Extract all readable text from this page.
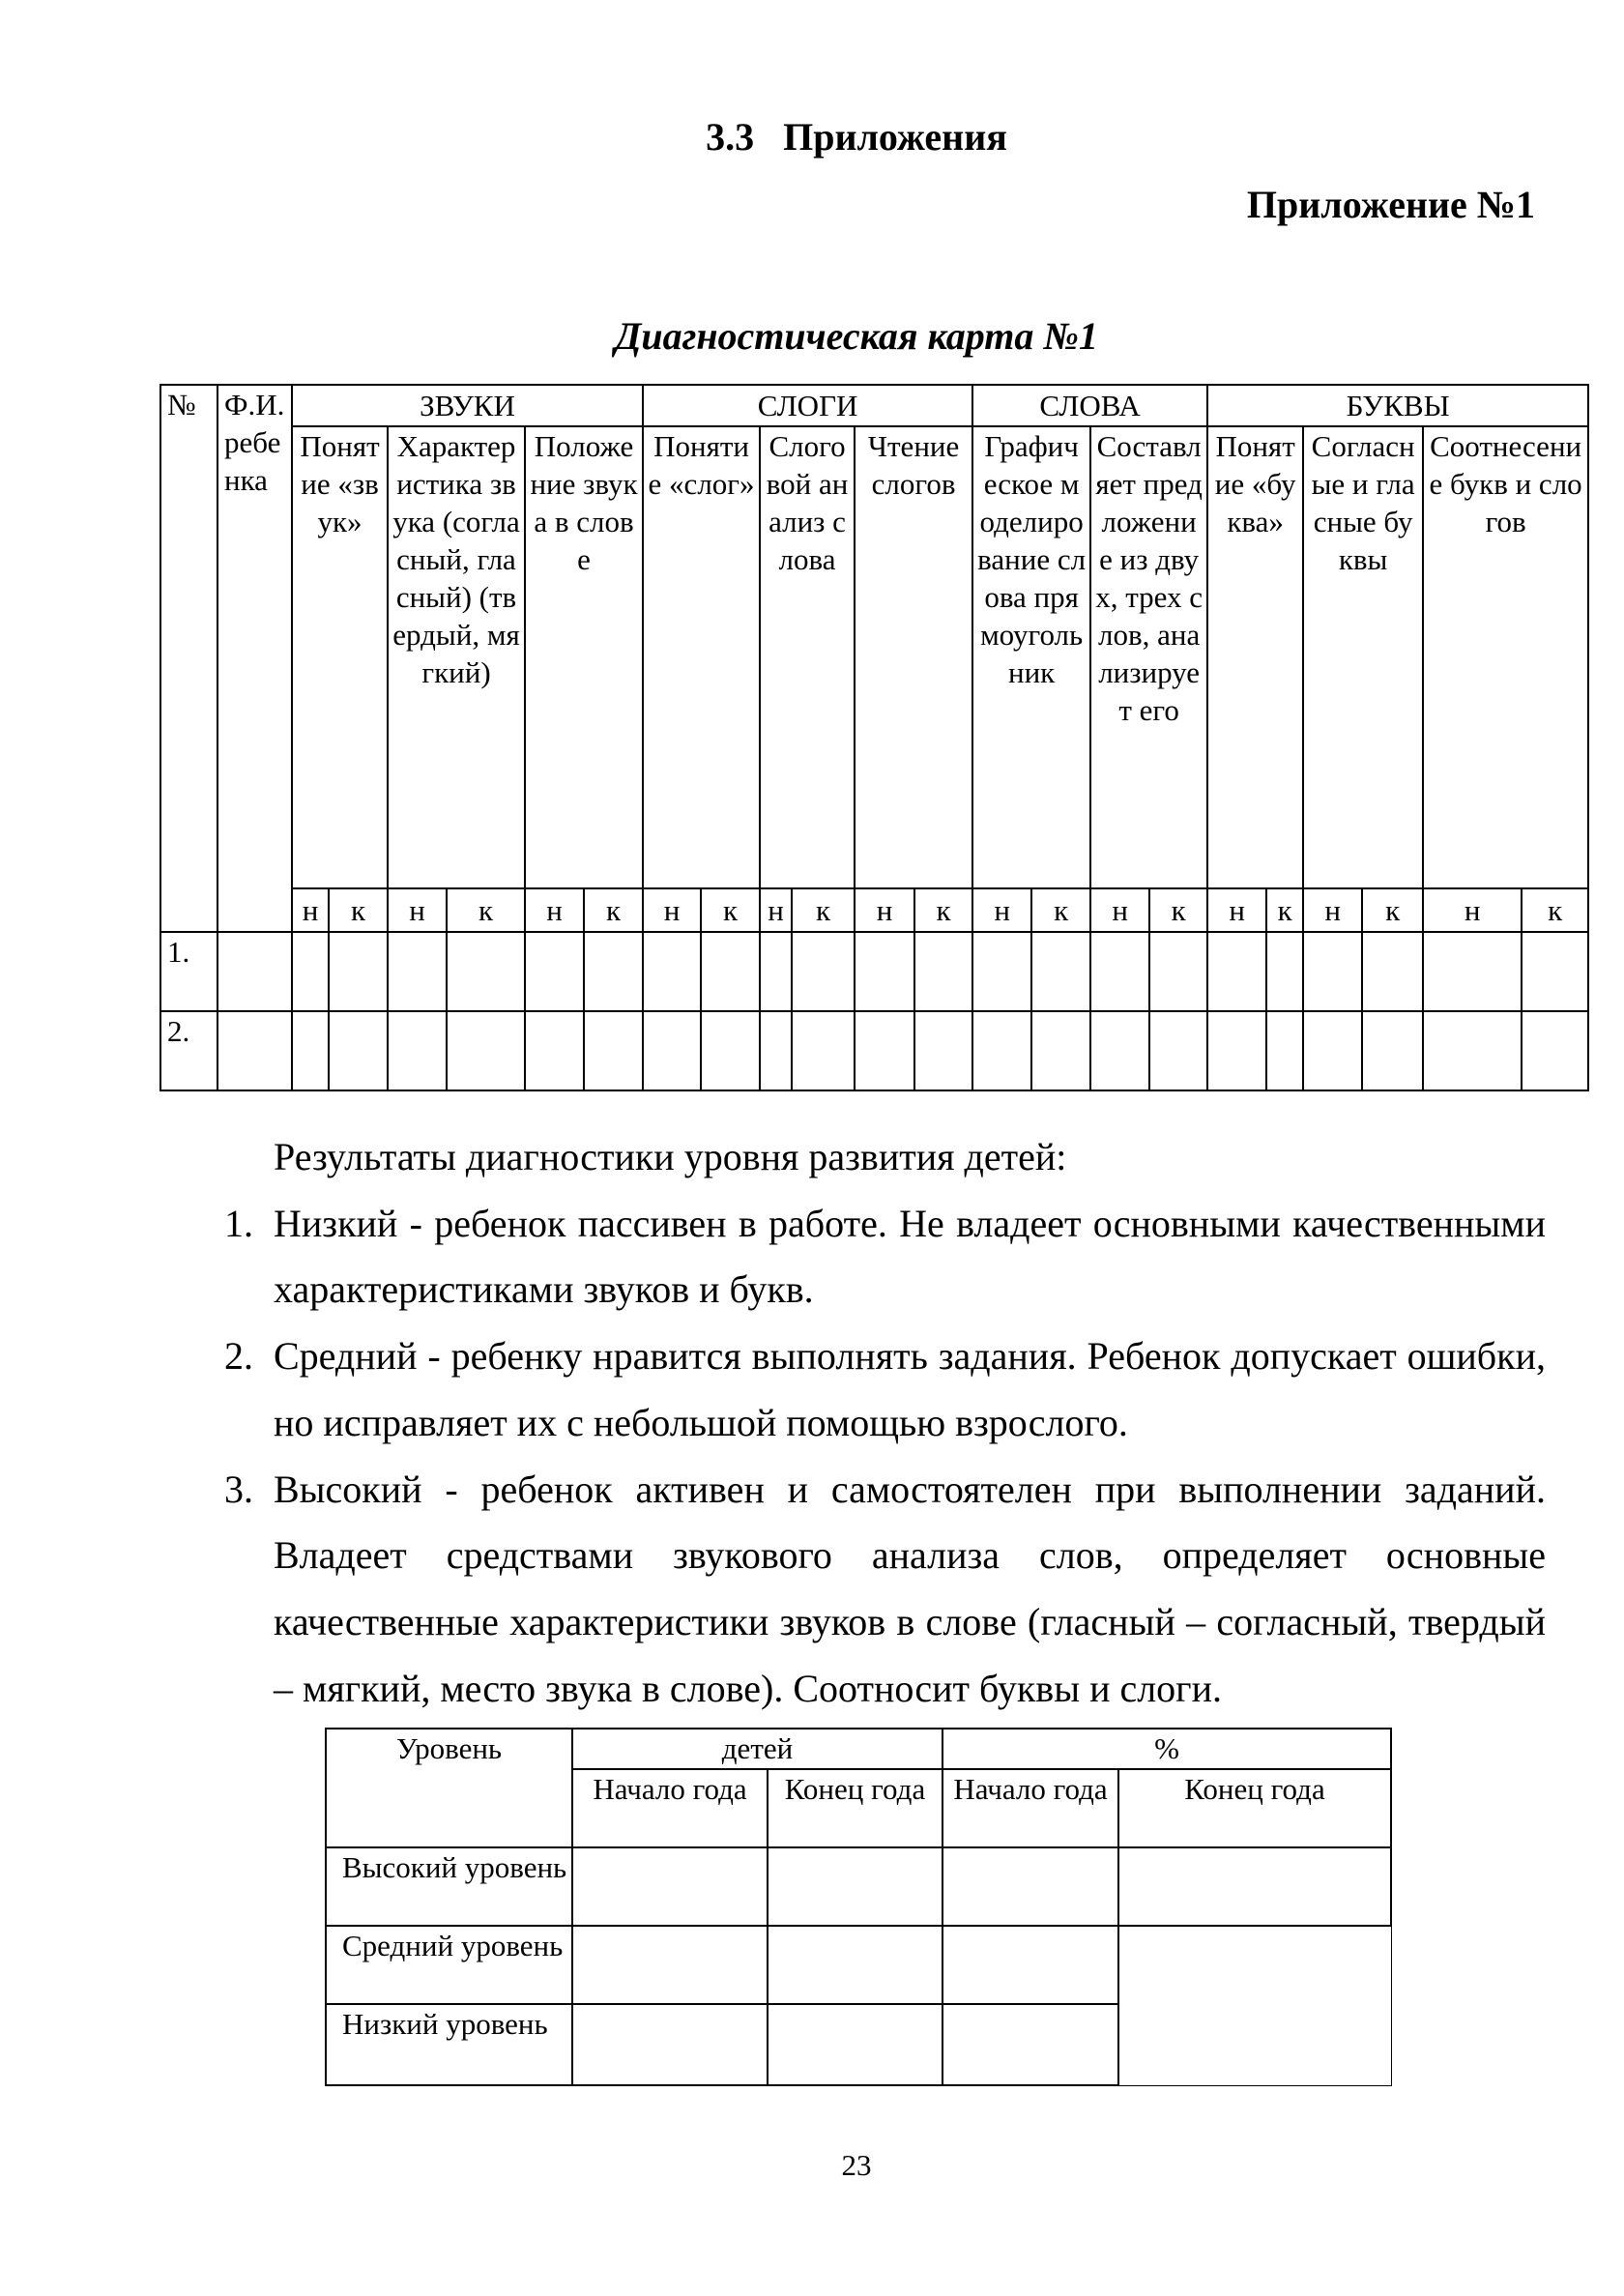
3.3   Приложения
Приложение №1
Диагностическая карта №1
№	Ф.И.ребенка	ЗВУКИ						СЛОГИ						СЛОВА				БУКВЫ					
		Понятие «звук»		Характеристика звука (согласный, гласный) (твердый, мягкий)		Положение звука в слове		Понятие «слог»		Слоговой анализ слова		Чтение слогов		Графическое моделирование слова прямоугольник		Составляет предложение из двух, трех слов, анализирует его		Понятие «буква»		Согласные и гласные буквы		Соотнесение букв и слогов	
		н	к	н	к	н	к	н	к	н	к	н	к	н	к	н	к	н	к	н	к	н	к
1.																							
2.																							

Результаты диагностики уровня развития детей:

1. Низкий - ребенок пассивен в работе. Не владеет основными качественными характеристиками звуков и букв.
2. Средний - ребенку нравится выполнять задания. Ребенок допускает ошибки, но исправляет их с небольшой помощью взрослого.
3. Высокий - ребенок активен и самостоятелен при выполнении заданий. Владеет средствами звукового анализа слов, определяет основные качественные характеристики звуков в слове (гласный – согласный, твердый – мягкий, место звука в слове). Соотносит буквы и слоги.
Уровень	детей		%	
	Начало года	Конец года	Начало года	Конец года
Высокий уровень				
Средний уровень				
Низкий уровень				
23
